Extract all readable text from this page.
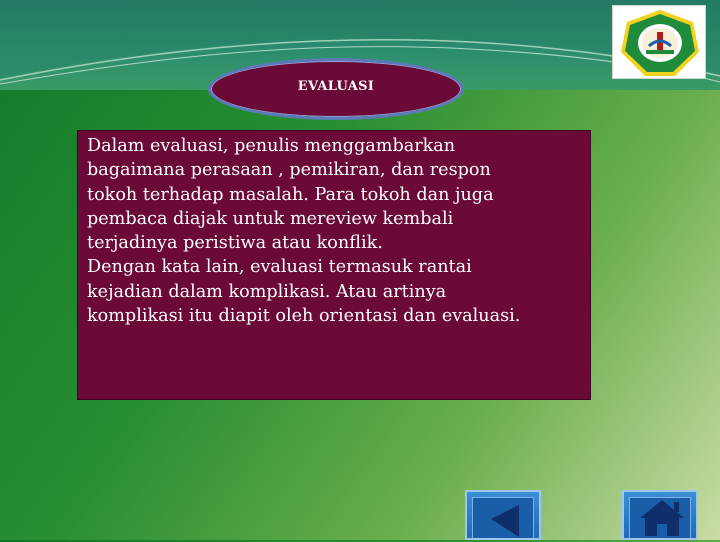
EVALUASI
Dalam evaluasi, penulis menggambarkan
bagaimana perasaan , pemikiran, dan respon
tokoh terhadap masalah. Para tokoh dan juga
pembaca diajak untuk mereview kembali
terjadinya peristiwa atau konflik.
Dengan kata lain, evaluasi termasuk rantai
kejadian dalam komplikasi. Atau artinya
komplikasi itu diapit oleh orientasi dan evaluasi.
